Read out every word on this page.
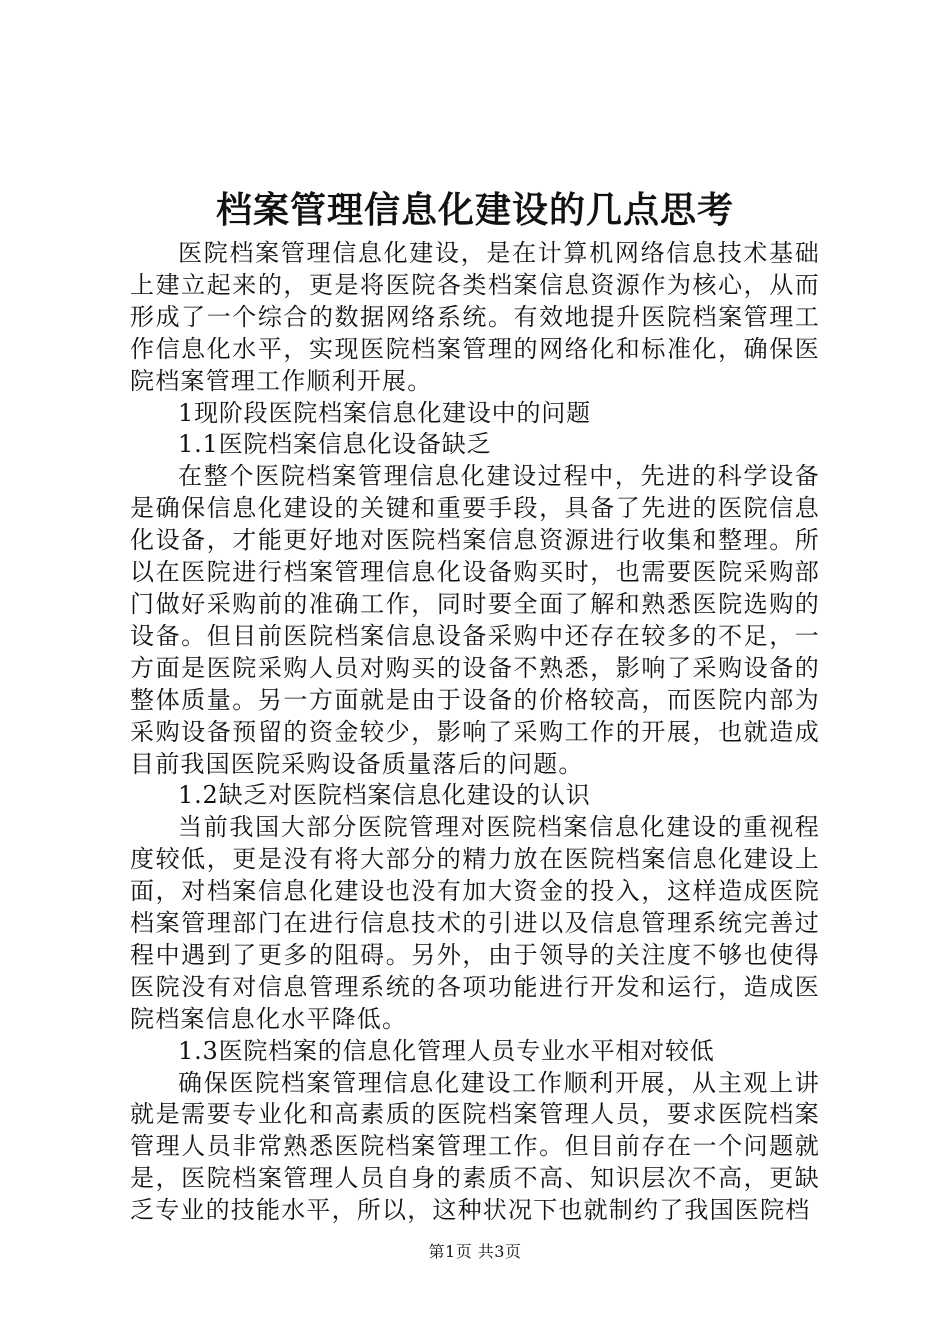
档案管理信息化建设的几点思考

医院档案管理信息化建设，是在计算机网络信息技术基础上建立起来的，更是将医院各类档案信息资源作为核心，从而形成了一个综合的数据网络系统。有效地提升医院档案管理工作信息化水平，实现医院档案管理的网络化和标准化，确保医院档案管理工作顺利开展。

1现阶段医院档案信息化建设中的问题

1.1医院档案信息化设备缺乏

在整个医院档案管理信息化建设过程中，先进的科学设备是确保信息化建设的关键和重要手段，具备了先进的医院信息化设备，才能更好地对医院档案信息资源进行收集和整理。所以在医院进行档案管理信息化设备购买时，也需要医院采购部门做好采购前的准确工作，同时要全面了解和熟悉医院选购的设备。但目前医院档案信息设备采购中还存在较多的不足，一方面是医院采购人员对购买的设备不熟悉，影响了采购设备的整体质量。另一方面就是由于设备的价格较高，而医院内部为采购设备预留的资金较少，影响了采购工作的开展，也就造成目前我国医院采购设备质量落后的问题。

1.2缺乏对医院档案信息化建设的认识

当前我国大部分医院管理对医院档案信息化建设的重视程度较低，更是没有将大部分的精力放在医院档案信息化建设上面，对档案信息化建设也没有加大资金的投入，这样造成医院档案管理部门在进行信息技术的引进以及信息管理系统完善过程中遇到了更多的阻碍。另外，由于领导的关注度不够也使得医院没有对信息管理系统的各项功能进行开发和运行，造成医院档案信息化水平降低。

1.3医院档案的信息化管理人员专业水平相对较低

确保医院档案管理信息化建设工作顺利开展，从主观上讲就是需要专业化和高素质的医院档案管理人员，要求医院档案管理人员非常熟悉医院档案管理工作。但目前存在一个问题就是，医院档案管理人员自身的素质不高、知识层次不高，更缺乏专业的技能水平，所以，这种状况下也就制约了我国医院档

第1页 共3页
